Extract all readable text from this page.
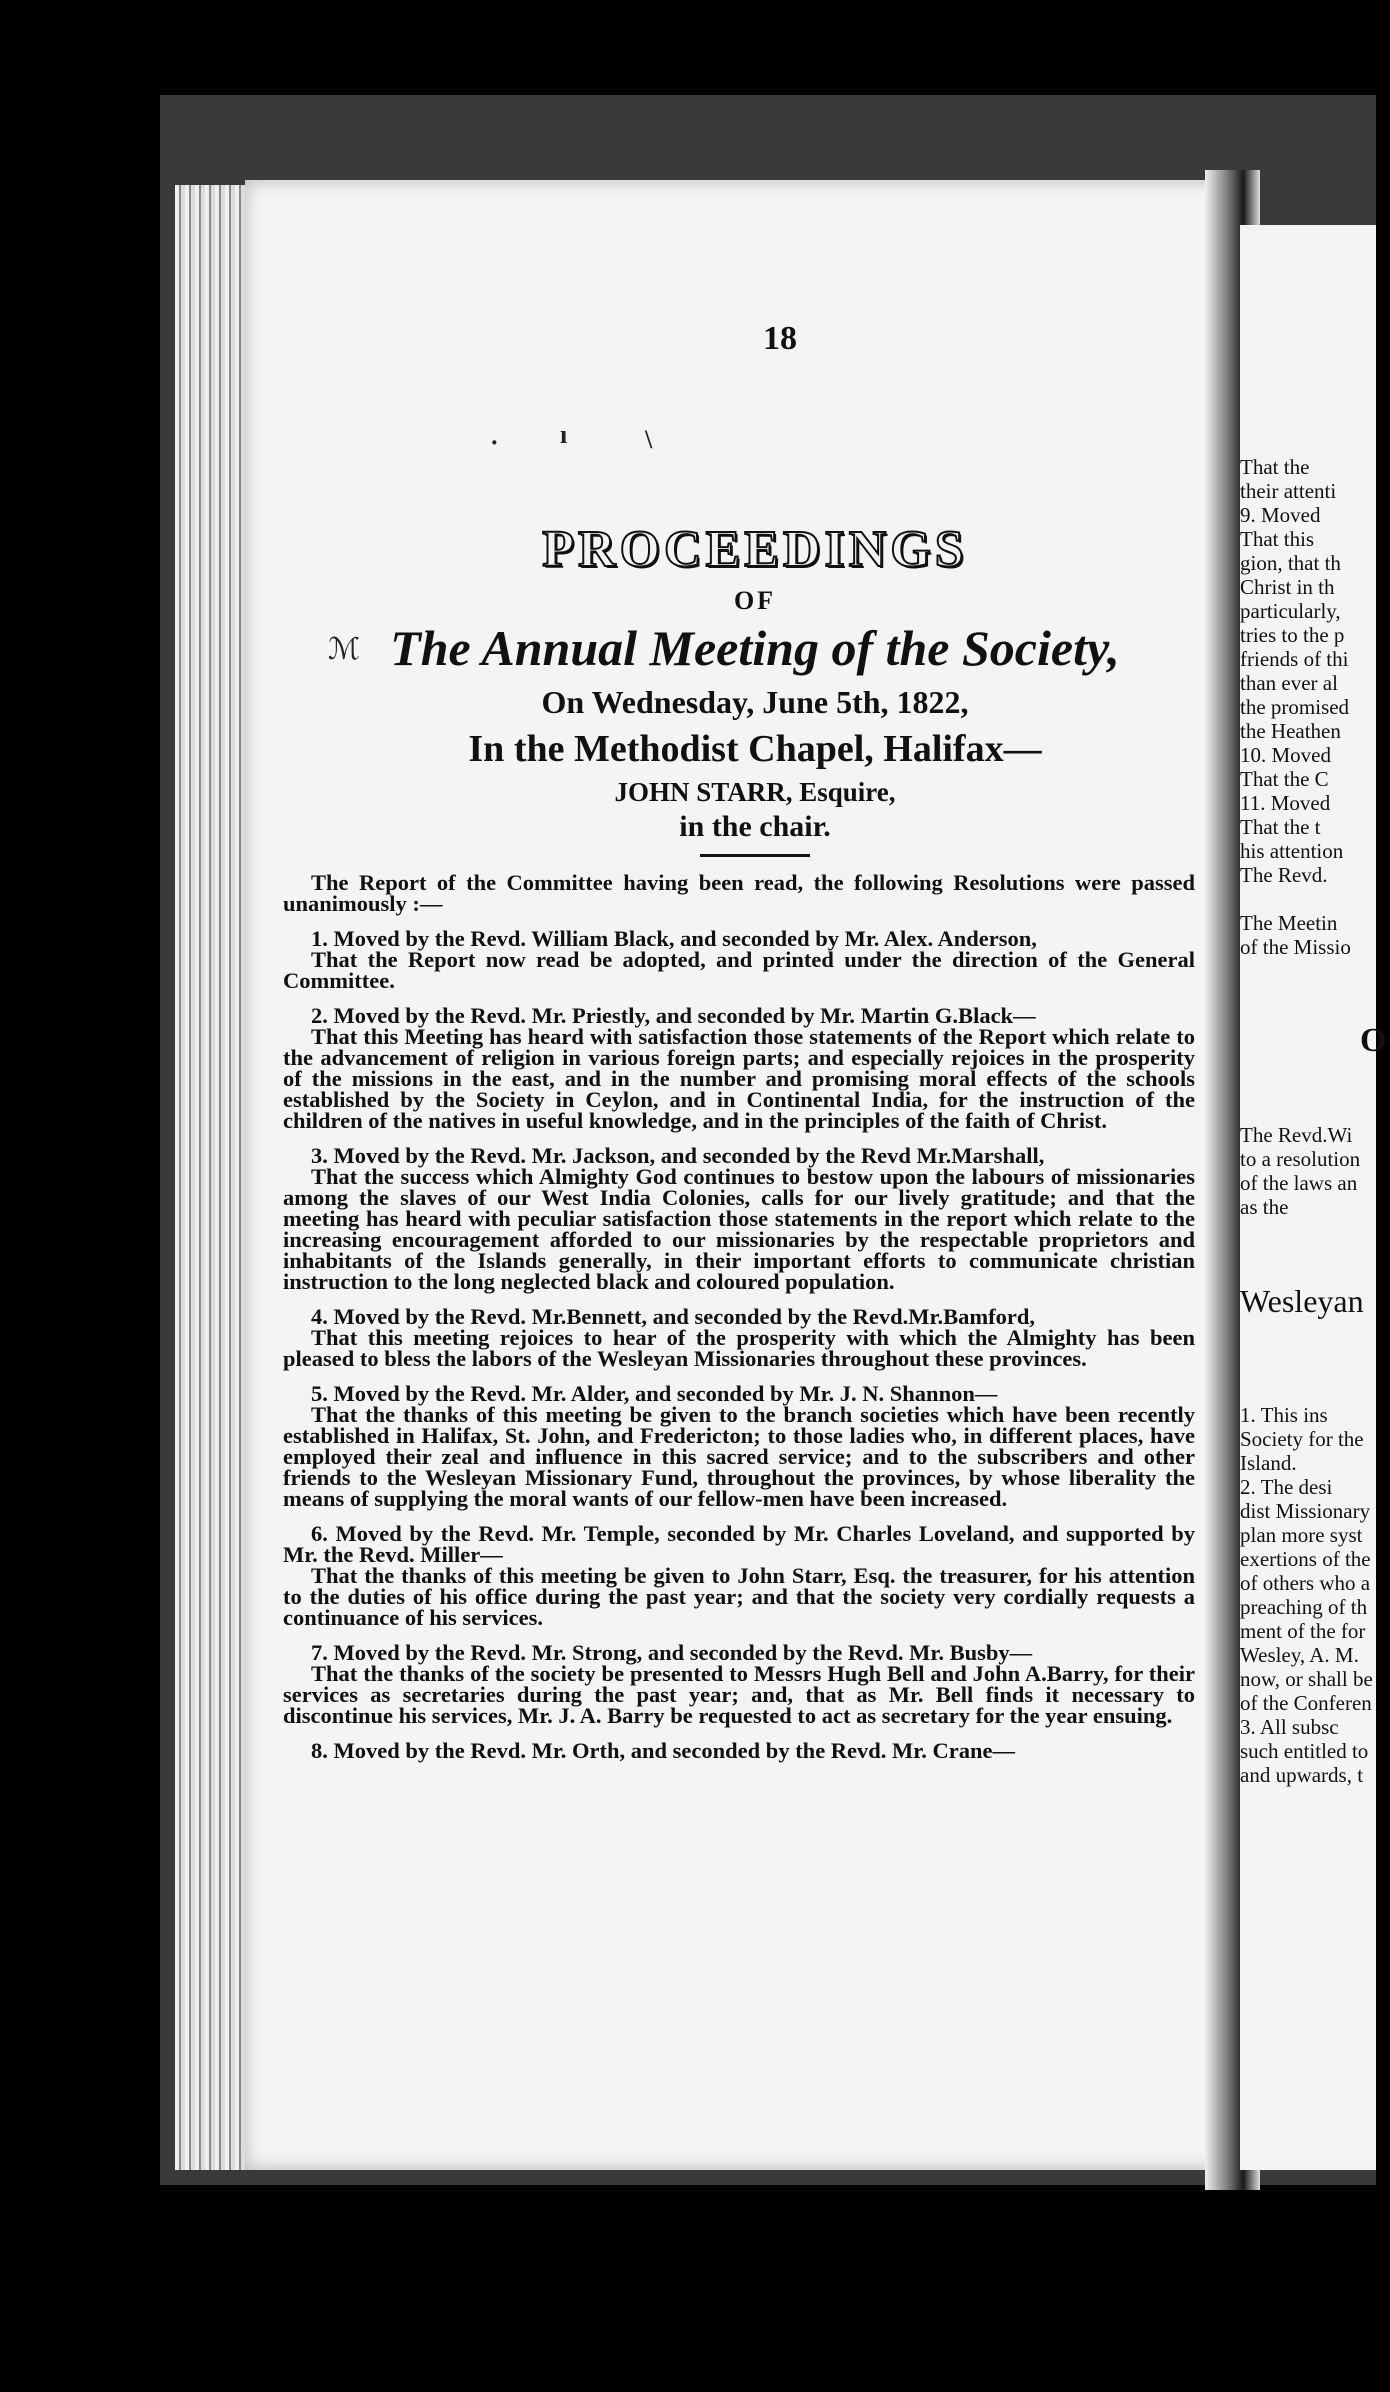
18
· ı	\
ℳ
PROCEEDINGS
OF
The Annual Meeting of the Society,
On Wednesday, June 5th, 1822,
In the Methodist Chapel, Halifax—
JOHN STARR, Esquire,
in the chair.

The Report of the Committee having been read, the following Resolutions were passed unanimously :—

1. Moved by the Revd. William Black, and seconded by Mr. Alex. Anderson,

That the Report now read be adopted, and printed under the direction of the General Committee.

2. Moved by the Revd. Mr. Priestly, and seconded by Mr. Martin G.Black—

That this Meeting has heard with satisfaction those statements of the Report which relate to the advancement of religion in various foreign parts; and especially rejoices in the prosperity of the missions in the east, and in the number and promising moral effects of the schools established by the Society in Ceylon, and in Continental India, for the instruction of the children of the natives in useful knowledge, and in the principles of the faith of Christ.

3. Moved by the Revd. Mr. Jackson, and seconded by the Revd Mr.Marshall,

That the success which Almighty God continues to bestow upon the labours of missionaries among the slaves of our West India Colonies, calls for our lively gratitude; and that the meeting has heard with peculiar satisfaction those statements in the report which relate to the increasing encouragement afforded to our missionaries by the respectable proprietors and inhabitants of the Islands generally, in their important efforts to communicate christian instruction to the long neglected black and coloured population.

4. Moved by the Revd. Mr.Bennett, and seconded by the Revd.Mr.Bamford,

That this meeting rejoices to hear of the prosperity with which the Almighty has been pleased to bless the labors of the Wesleyan Missionaries throughout these provinces.

5. Moved by the Revd. Mr. Alder, and seconded by Mr. J. N. Shannon—

That the thanks of this meeting be given to the branch societies which have been recently established in Halifax, St. John, and Fredericton; to those ladies who, in different places, have employed their zeal and influence in this sacred service; and to the subscribers and other friends to the Wesleyan Missionary Fund, throughout the provinces, by whose liberality the means of supplying the moral wants of our fellow-men have been increased.

6. Moved by the Revd. Mr. Temple, seconded by Mr. Charles Loveland, and supported by Mr. the Revd. Miller—

That the thanks of this meeting be given to John Starr, Esq. the treasurer, for his attention to the duties of his office during the past year; and that the society very cordially requests a continuance of his services.

7. Moved by the Revd. Mr. Strong, and seconded by the Revd. Mr. Busby—

That the thanks of the society be presented to Messrs Hugh Bell and John A.Barry, for their services as secretaries during the past year; and, that as Mr. Bell finds it necessary to discontinue his services, Mr. J. A. Barry be requested to act as secretary for the year ensuing.

8. Moved by the Revd. Mr. Orth, and seconded by the Revd. Mr. Crane—

That the
their attenti
9. Moved
That this
gion, that th
Christ in th
particularly,
tries to the p
friends of thi
than ever al
the promised
the Heathen
10. Moved
That the C
11. Moved
That the t
his attention
The Revd.

The Meetin
of the Missio
O
The Revd.Wi
to a resolution
of the laws an
as the
Wesleyan
1. This ins
Society for the
Island.
2. The desi
dist Missionary
plan more syst
exertions of the
of others who a
preaching of th
ment of the for
Wesley, A. M.
now, or shall be
of the Conferen
3. All subsc
such entitled to
and upwards, t
